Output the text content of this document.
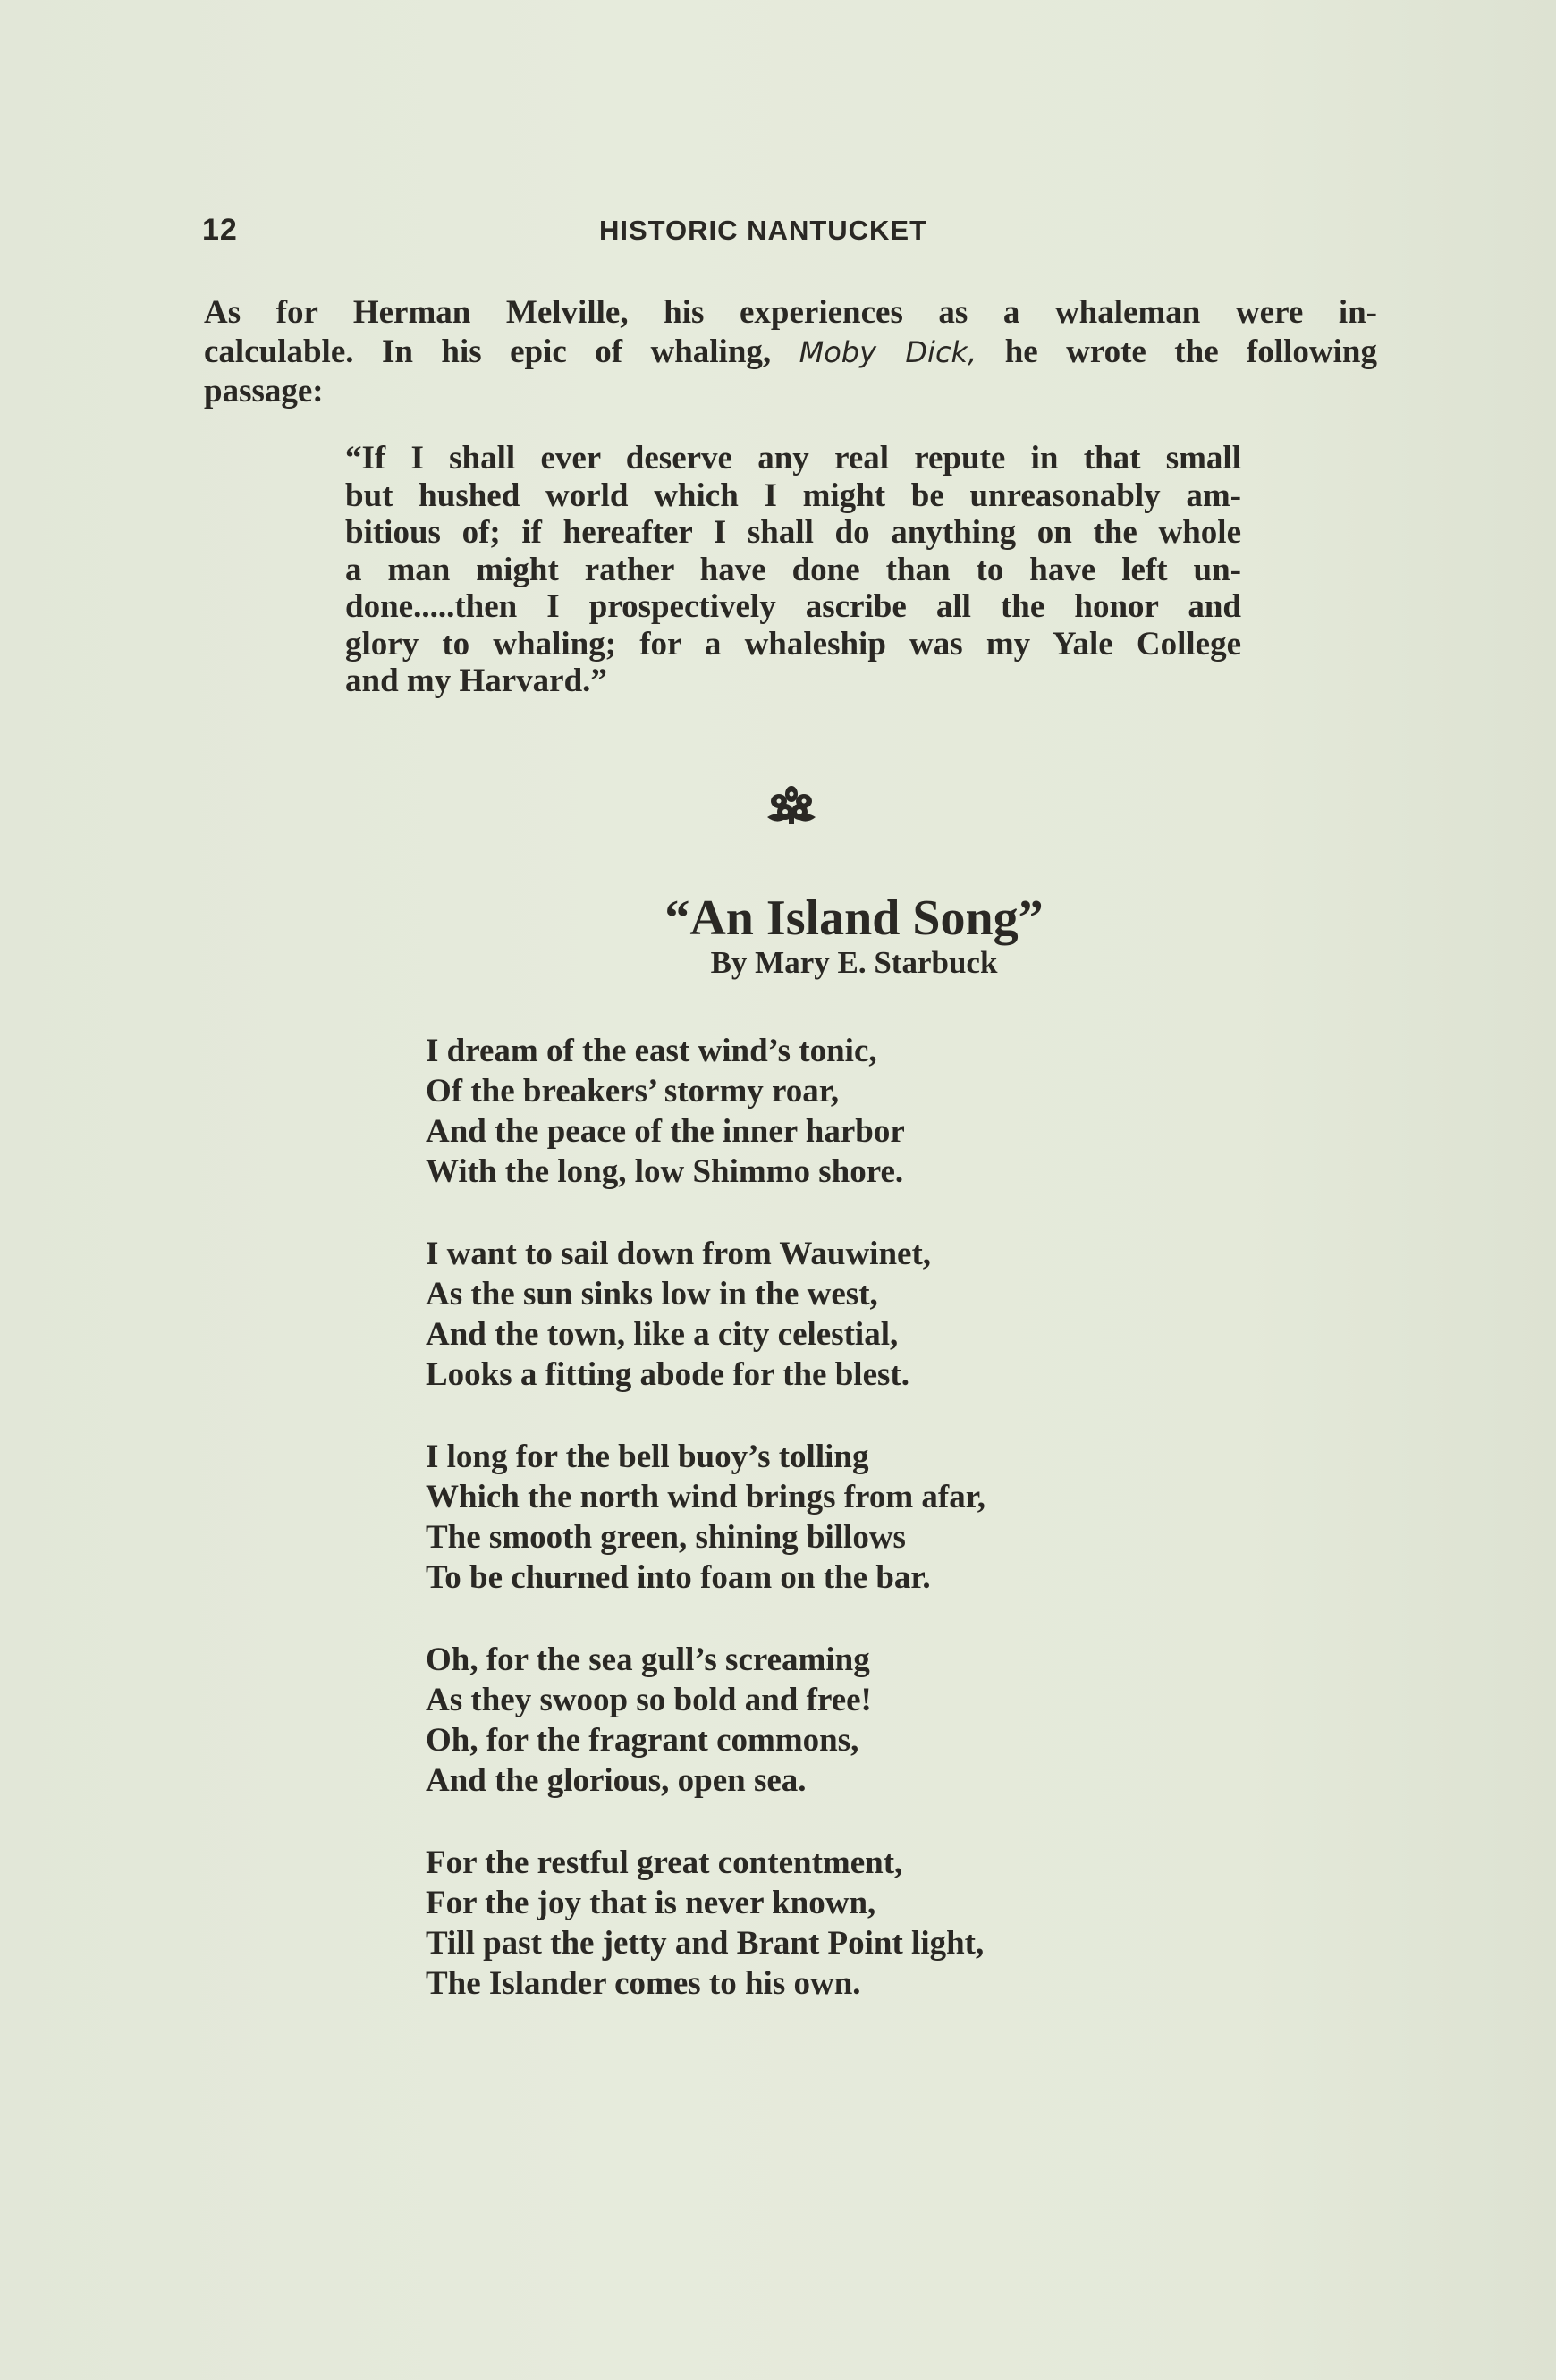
12	HISTORIC NANTUCKET
As for Herman Melville, his experiences as a whaleman were in-
calculable. In his epic of whaling, Moby Dick, he wrote the following
passage:
“If I shall ever deserve any real repute in that small
but hushed world which I might be unreasonably am-
bitious of; if hereafter I shall do anything on the whole
a man might rather have done than to have left un-
done.....then I prospectively ascribe all the honor and
glory to whaling; for a whaleship was my Yale College
and my Harvard.”
“An Island Song”
By Mary E. Starbuck
I dream of the east wind’s tonic,
Of the breakers’ stormy roar,
And the peace of the inner harbor
With the long, low Shimmo shore.
I want to sail down from Wauwinet,
As the sun sinks low in the west,
And the town, like a city celestial,
Looks a fitting abode for the blest.
I long for the bell buoy’s tolling
Which the north wind brings from afar,
The smooth green, shining billows
To be churned into foam on the bar.
Oh, for the sea gull’s screaming
As they swoop so bold and free!
Oh, for the fragrant commons,
And the glorious, open sea.
For the restful great contentment,
For the joy that is never known,
Till past the jetty and Brant Point light,
The Islander comes to his own.
